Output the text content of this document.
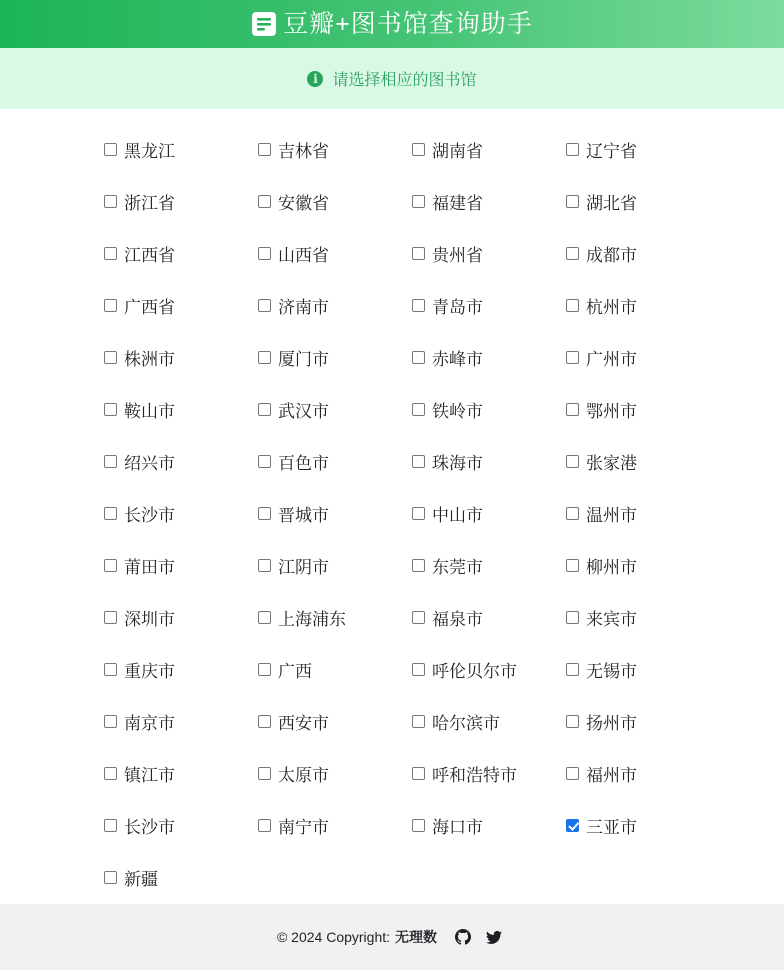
豆瓣+图书馆查询助手
i 请选择相应的图书馆
黑龙江	吉林省	湖南省	辽宁省
浙江省	安徽省	福建省	湖北省
江西省	山西省	贵州省	成都市
广西省	济南市	青岛市	杭州市
株洲市	厦门市	赤峰市	广州市
鞍山市	武汉市	铁岭市	鄂州市
绍兴市	百色市	珠海市	张家港
长沙市	晋城市	中山市	温州市
莆田市	江阴市	东莞市	柳州市
深圳市	上海浦东	福泉市	来宾市
重庆市	广西	呼伦贝尔市	无锡市
南京市	西安市	哈尔滨市	扬州市
镇江市	太原市	呼和浩特市	福州市
长沙市	南宁市	海口市	三亚市
新疆
© 2024 Copyright: 无理数
